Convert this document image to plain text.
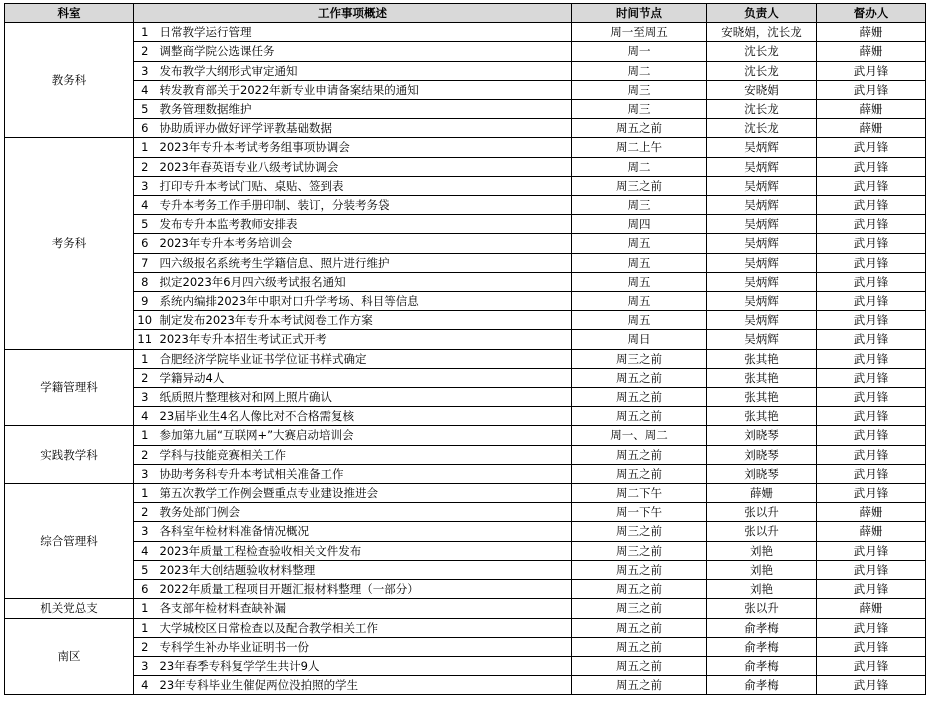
科室	工作事项概述		时间节点	负责人	督办人
教务科	1	日常教学运行管理	周一至周五	安晓娟，沈长龙	薛姗
	2	调整商学院公选课任务	周一	沈长龙	薛姗
	3	发布教学大纲形式审定通知	周二	沈长龙	武月锋
	4	转发教育部关于2022年新专业申请备案结果的通知	周三	安晓娟	武月锋
	5	教务管理数据维护	周三	沈长龙	薛姗
	6	协助质评办做好评学评教基础数据	周五之前	沈长龙	薛姗
考务科	1	2023年专升本考试考务组事项协调会	周二上午	吴炳辉	武月锋
	2	2023年春英语专业八级考试协调会	周二	吴炳辉	武月锋
	3	打印专升本考试门贴、桌贴、签到表	周三之前	吴炳辉	武月锋
	4	专升本考务工作手册印制、装订，分装考务袋	周三	吴炳辉	武月锋
	5	发布专升本监考教师安排表	周四	吴炳辉	武月锋
	6	2023年专升本考务培训会	周五	吴炳辉	武月锋
	7	四六级报名系统考生学籍信息、照片进行维护	周五	吴炳辉	武月锋
	8	拟定2023年6月四六级考试报名通知	周五	吴炳辉	武月锋
	9	系统内编排2023年中职对口升学考场、科目等信息	周五	吴炳辉	武月锋
	10	制定发布2023年专升本考试阅卷工作方案	周五	吴炳辉	武月锋
	11	2023年专升本招生考试正式开考	周日	吴炳辉	武月锋
学籍管理科	1	合肥经济学院毕业证书学位证书样式确定	周三之前	张其艳	武月锋
	2	学籍异动4人	周五之前	张其艳	武月锋
	3	纸质照片整理核对和网上照片确认	周五之前	张其艳	武月锋
	4	23届毕业生4名人像比对不合格需复核	周五之前	张其艳	武月锋
实践教学科	1	参加第九届“互联网+”大赛启动培训会	周一、周二	刘晓琴	武月锋
	2	学科与技能竞赛相关工作	周五之前	刘晓琴	武月锋
	3	协助考务科专升本考试相关准备工作	周五之前	刘晓琴	武月锋
综合管理科	1	第五次教学工作例会暨重点专业建设推进会	周二下午	薛姗	武月锋
	2	教务处部门例会	周一下午	张以升	薛姗
	3	各科室年检材料准备情况概况	周三之前	张以升	薛姗
	4	2023年质量工程检查验收相关文件发布	周三之前	刘艳	武月锋
	5	2023年大创结题验收材料整理	周五之前	刘艳	武月锋
	6	2022年质量工程项目开题汇报材料整理（一部分）	周五之前	刘艳	武月锋
机关党总支	1	各支部年检材料查缺补漏	周三之前	张以升	薛姗
南区	1	大学城校区日常检查以及配合教学相关工作	周五之前	俞孝梅	武月锋
	2	专科学生补办毕业证明书一份	周五之前	俞孝梅	武月锋
	3	23年春季专科复学学生共计9人	周五之前	俞孝梅	武月锋
	4	23年专科毕业生催促两位没拍照的学生	周五之前	俞孝梅	武月锋
